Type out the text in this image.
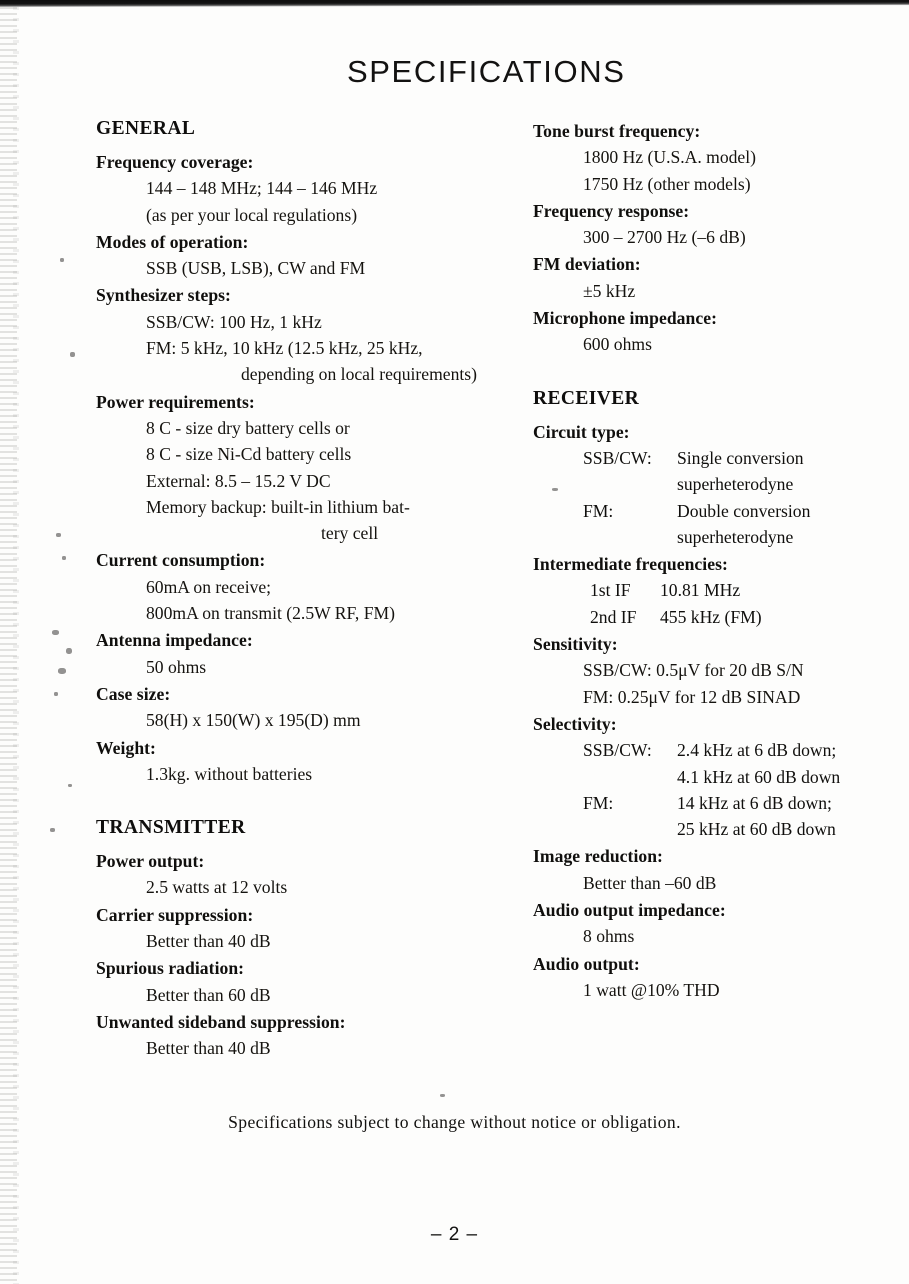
SPECIFICATIONS
GENERAL
Frequency coverage:
144 – 148 MHz; 144 – 146 MHz
(as per your local regulations)
Modes of operation:
SSB (USB, LSB), CW and FM
Synthesizer steps:
SSB/CW: 100 Hz, 1 kHz
FM: 5 kHz, 10 kHz (12.5 kHz, 25 kHz,
depending on local requirements)
Power requirements:
8 C - size dry battery cells or
8 C - size Ni-Cd battery cells
External: 8.5 – 15.2 V DC
Memory backup: built-in lithium bat-
tery cell
Current consumption:
60mA on receive;
800mA on transmit (2.5W RF, FM)
Antenna impedance:
50 ohms
Case size:
58(H) x 150(W) x 195(D) mm
Weight:
1.3kg. without batteries
TRANSMITTER
Power output:
2.5 watts at 12 volts
Carrier suppression:
Better than 40 dB
Spurious radiation:
Better than 60 dB
Unwanted sideband suppression:
Better than 40 dB
Tone burst frequency:
1800 Hz (U.S.A. model)
1750 Hz (other models)
Frequency response:
300 – 2700 Hz (–6 dB)
FM deviation:
±5 kHz
Microphone impedance:
600 ohms
RECEIVER
Circuit type:
SSB/CW:	Single conversion
superheterodyne
FM:	Double conversion
superheterodyne
Intermediate frequencies:
1st IF	10.81 MHz
2nd IF	455 kHz (FM)
Sensitivity:
SSB/CW: 0.5μV for 20 dB S/N
FM: 0.25μV for 12 dB SINAD
Selectivity:
SSB/CW:	2.4 kHz at 6 dB down;
4.1 kHz at 60 dB down
FM:	14 kHz at 6 dB down;
25 kHz at 60 dB down
Image reduction:
Better than –60 dB
Audio output impedance:
8 ohms
Audio output:
1 watt @10% THD
Specifications subject to change without notice or obligation.
– 2 –
